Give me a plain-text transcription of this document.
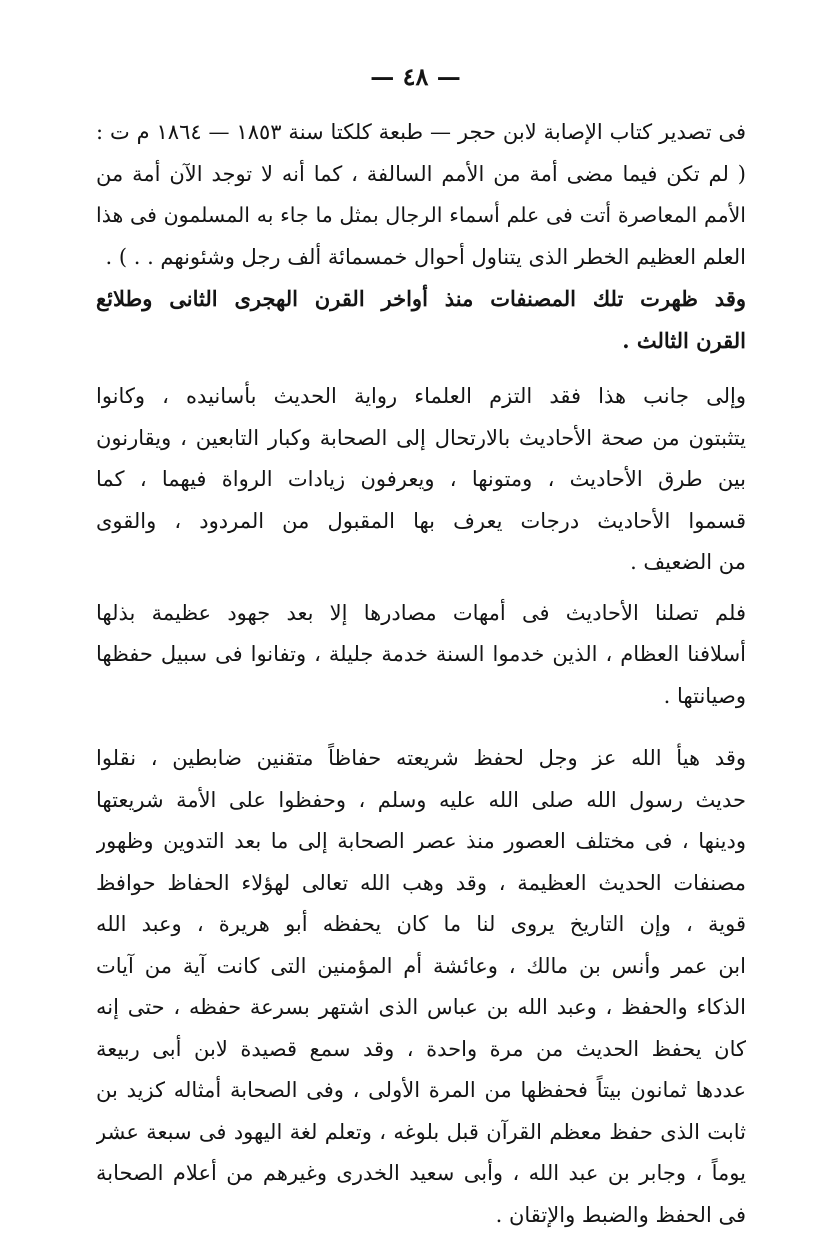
— ٤٨ —

فى تصدير كتاب الإصابة لابن حجر — طبعة كلكتا سنة ١٨٥٣ — ١٨٦٤ م ت :
( لم تكن فيما مضى أمة من الأمم السالفة ، كما أنه لا توجد الآن أمة من
الأمم المعاصرة أتت فى علم أسماء الرجال بمثل ما جاء به المسلمون فى هذا
العلم العظيم الخطر الذى يتناول أحوال خمسمائة ألف رجل وشئونهم . . ) .

وقد ظهرت تلك المصنفات منذ أواخر القرن الهجرى الثانى وطلائع
القرن الثالث .

وإلى جانب هذا فقد التزم العلماء رواية الحديث بأسانيده ، وكانوا
يتثبتون من صحة الأحاديث بالارتحال إلى الصحابة وكبار التابعين ، ويقارنون
بين طرق الأحاديث ، ومتونها ، ويعرفون زيادات الرواة فيهما ، كما
قسموا الأحاديث درجات يعرف بها المقبول من المردود ، والقوى
من الضعيف .

فلم تصلنا الأحاديث فى أمهات مصادرها إلا بعد جهود عظيمة بذلها
أسلافنا العظام ، الذين خدموا السنة خدمة جليلة ، وتفانوا فى سبيل حفظها
وصيانتها .

وقد هيأ الله عز وجل لحفظ شريعته حفاظاً متقنين ضابطين ، نقلوا
حديث رسول الله صلى الله عليه وسلم ، وحفظوا على الأمة شريعتها
ودينها ، فى مختلف العصور منذ عصر الصحابة إلى ما بعد التدوين وظهور
مصنفات الحديث العظيمة ، وقد وهب الله تعالى لهؤلاء الحفاظ حوافظ
قوية ، وإن التاريخ يروى لنا ما كان يحفظه أبو هريرة ، وعبد الله
ابن عمر وأنس بن مالك ، وعائشة أم المؤمنين التى كانت آية من آيات
الذكاء والحفظ ، وعبد الله بن عباس الذى اشتهر بسرعة حفظه ، حتى إنه
كان يحفظ الحديث من مرة واحدة ، وقد سمع قصيدة لابن أبى ربيعة
عددها ثمانون بيتاً فحفظها من المرة الأولى ، وفى الصحابة أمثاله كزيد بن
ثابت الذى حفظ معظم القرآن قبل بلوغه ، وتعلم لغة اليهود فى سبعة عشر
يوماً ، وجابر بن عبد الله ، وأبى سعيد الخدرى وغيرهم من أعلام الصحابة
فى الحفظ والضبط والإتقان .
